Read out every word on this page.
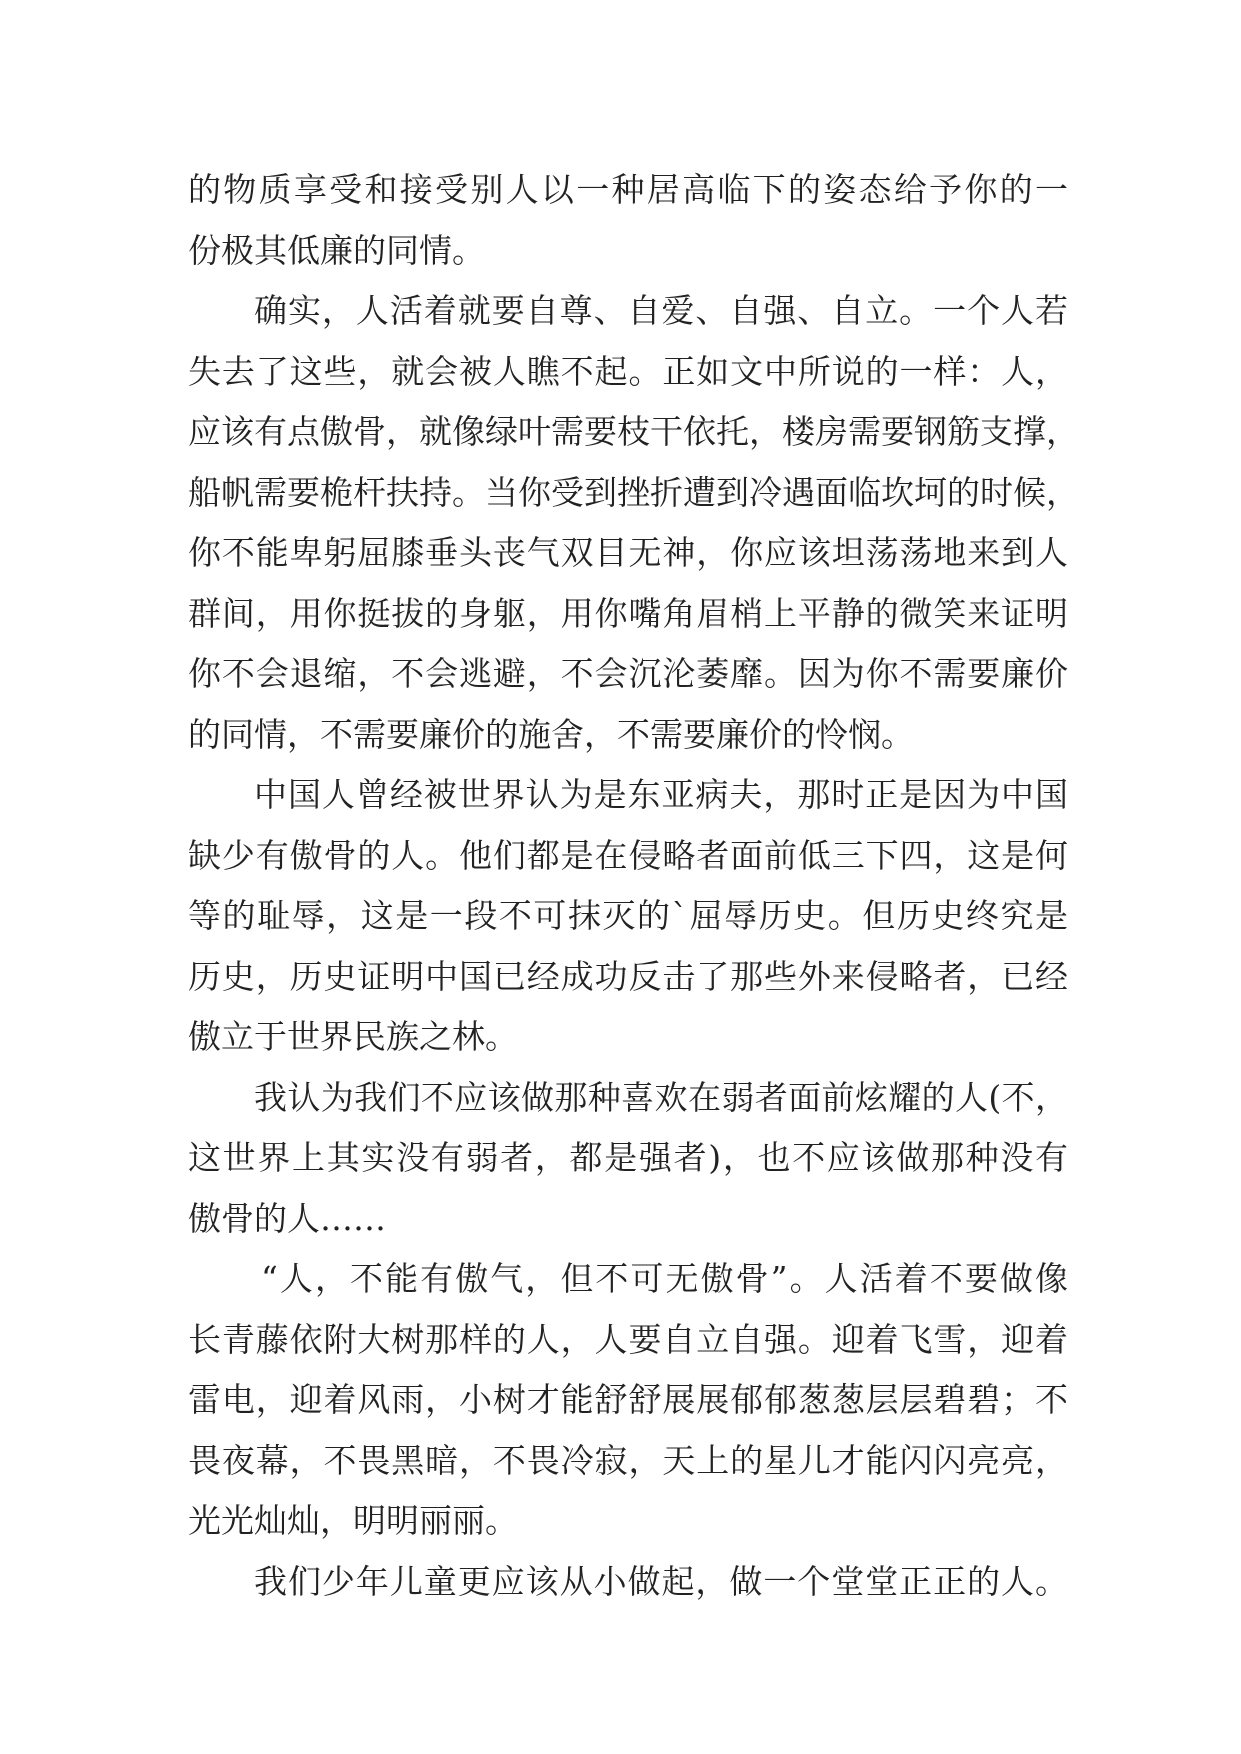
的物质享受和接受别人以一种居高临下的姿态给予你的一
份极其低廉的同情。
确实，人活着就要自尊、自爱、自强、自立。一个人若
失去了这些，就会被人瞧不起。正如文中所说的一样：人，
应该有点傲骨，就像绿叶需要枝干依托，楼房需要钢筋支撑，
船帆需要桅杆扶持。当你受到挫折遭到冷遇面临坎坷的时候，
你不能卑躬屈膝垂头丧气双目无神，你应该坦荡荡地来到人
群间，用你挺拔的身躯，用你嘴角眉梢上平静的微笑来证明
你不会退缩，不会逃避，不会沉沦萎靡。因为你不需要廉价
的同情，不需要廉价的施舍，不需要廉价的怜悯。
中国人曾经被世界认为是东亚病夫，那时正是因为中国
缺少有傲骨的人。他们都是在侵略者面前低三下四，这是何
等的耻辱，这是一段不可抹灭的`屈辱历史。但历史终究是
历史，历史证明中国已经成功反击了那些外来侵略者，已经
傲立于世界民族之林。
我认为我们不应该做那种喜欢在弱者面前炫耀的人(不，
这世界上其实没有弱者，都是强者)，也不应该做那种没有
傲骨的人……
“人，不能有傲气，但不可无傲骨”。人活着不要做像
长青藤依附大树那样的人，人要自立自强。迎着飞雪，迎着
雷电，迎着风雨，小树才能舒舒展展郁郁葱葱层层碧碧；不
畏夜幕，不畏黑暗，不畏冷寂，天上的星儿才能闪闪亮亮，
光光灿灿，明明丽丽。
我们少年儿童更应该从小做起，做一个堂堂正正的人。
